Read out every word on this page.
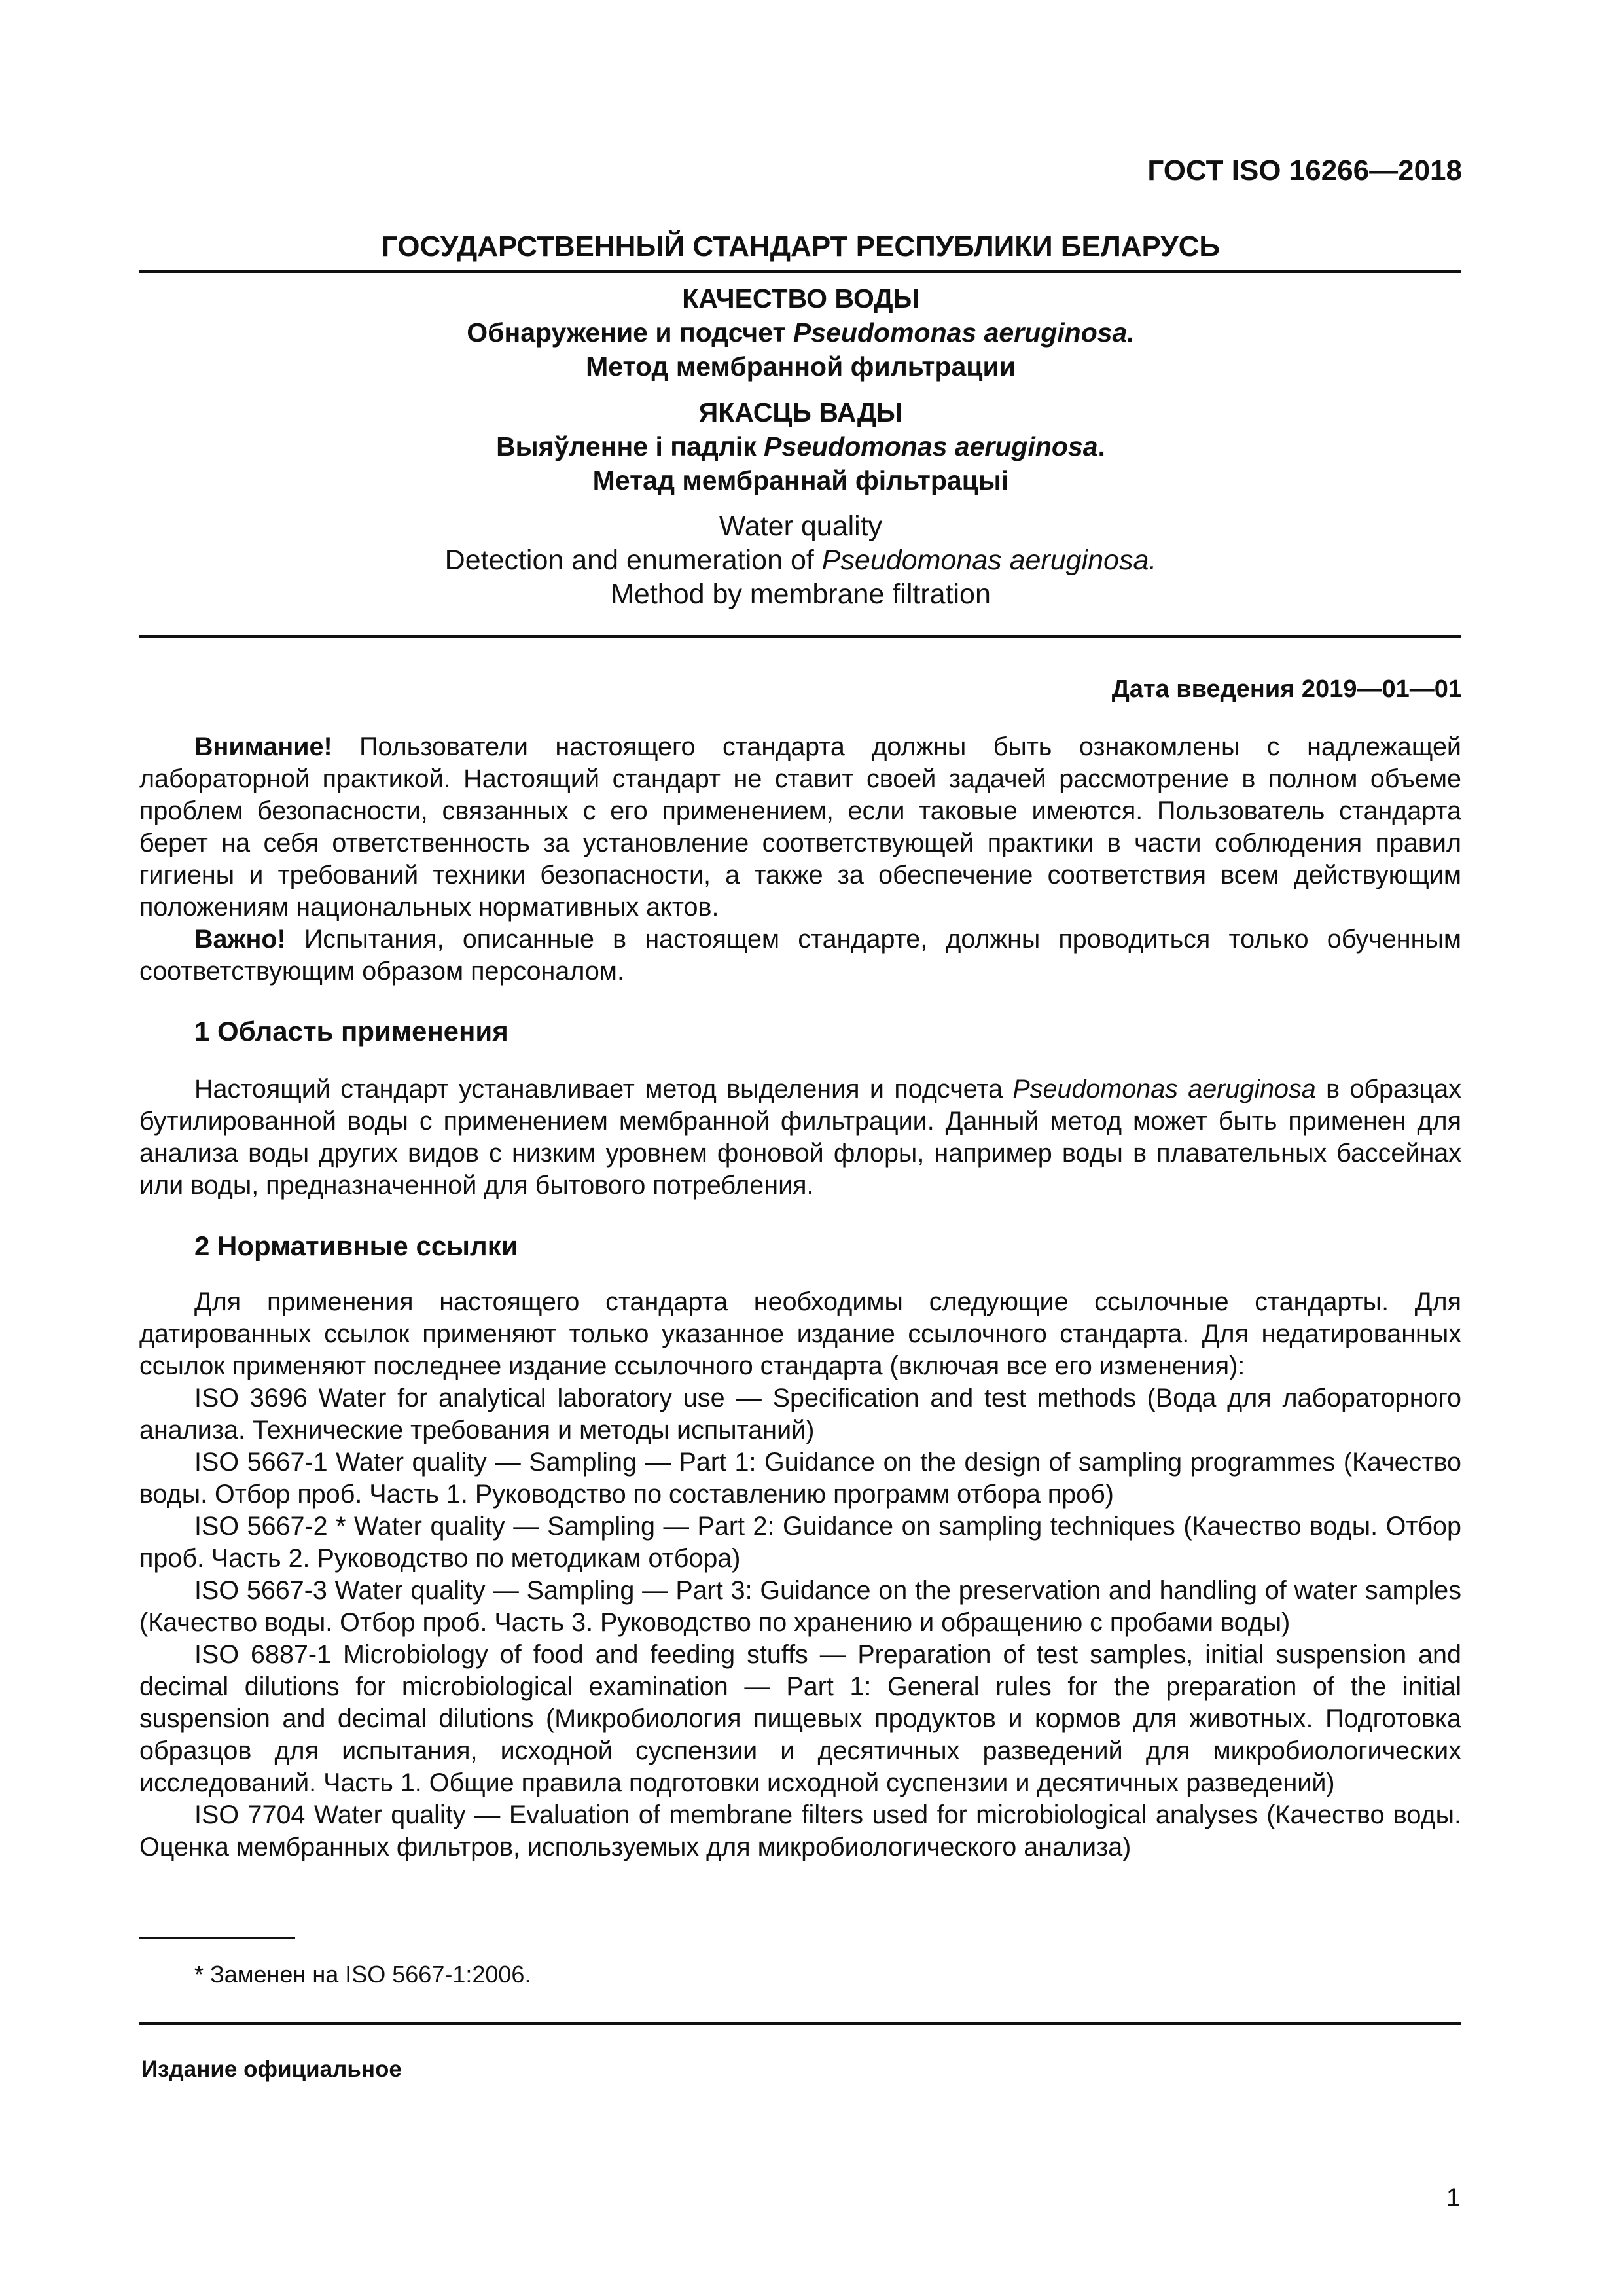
ГОСТ ISO 16266—2018
ГОСУДАРСТВЕННЫЙ СТАНДАРТ РЕСПУБЛИКИ БЕЛАРУСЬ
КАЧЕСТВО ВОДЫ
Обнаружение и подсчет Pseudomonas aeruginosa.
Метод мембранной фильтрации
ЯКАСЦЬ ВАДЫ
Выяўленне і падлік Pseudomonas aeruginosa.
Метад мембраннай фільтрацыі
Water quality
Detection and enumeration of Pseudomonas aeruginosa.
Method by membrane filtration
Дата введения 2019—01—01

Внимание! Пользователи настоящего стандарта должны быть ознакомлены с надлежащей лабораторной практикой. Настоящий стандарт не ставит своей задачей рассмотрение в полном объеме проблем безопасности, связанных с его применением, если таковые имеются. Пользователь стандарта берет на себя ответственность за установление соответствующей практики в части соблюдения правил гигиены и требований техники безопасности, а также за обеспечение соответствия всем действующим положениям национальных нормативных актов.

Важно! Испытания, описанные в настоящем стандарте, должны проводиться только обученным соответствующим образом персоналом.

1 Область применения

Настоящий стандарт устанавливает метод выделения и подсчета Pseudomonas aeruginosa в образцах бутилированной воды с применением мембранной фильтрации. Данный метод может быть применен для анализа воды других видов с низким уровнем фоновой флоры, например воды в плавательных бассейнах или воды, предназначенной для бытового потребления.

2 Нормативные ссылки

Для применения настоящего стандарта необходимы следующие ссылочные стандарты. Для датированных ссылок применяют только указанное издание ссылочного стандарта. Для недатированных ссылок применяют последнее издание ссылочного стандарта (включая все его изменения):

ISO 3696 Water for analytical laboratory use — Specification and test methods (Вода для лабораторного анализа. Технические требования и методы испытаний)

ISO 5667-1 Water quality — Sampling — Part 1: Guidance on the design of sampling programmes (Качество воды. Отбор проб. Часть 1. Руководство по составлению программ отбора проб)

ISO 5667-2 * Water quality — Sampling — Part 2: Guidance on sampling techniques (Качество воды. Отбор проб. Часть 2. Руководство по методикам отбора)

ISO 5667-3 Water quality — Sampling — Part 3: Guidance on the preservation and handling of water samples (Качество воды. Отбор проб. Часть 3. Руководство по хранению и обращению с пробами воды)

ISO 6887-1 Microbiology of food and feeding stuffs — Preparation of test samples, initial suspension and decimal dilutions for microbiological examination — Part 1: General rules for the preparation of the initial suspension and decimal dilutions (Микробиология пищевых продуктов и кормов для животных. Подготовка образцов для испытания, исходной суспензии и десятичных разведений для микробиологических исследований. Часть 1. Общие правила подготовки исходной суспензии и десятичных разведений)

ISO 7704 Water quality — Evaluation of membrane filters used for microbiological analyses (Качество воды. Оценка мембранных фильтров, используемых для микробиологического анализа)

* Заменен на ISO 5667-1:2006.
Издание официальное
1
